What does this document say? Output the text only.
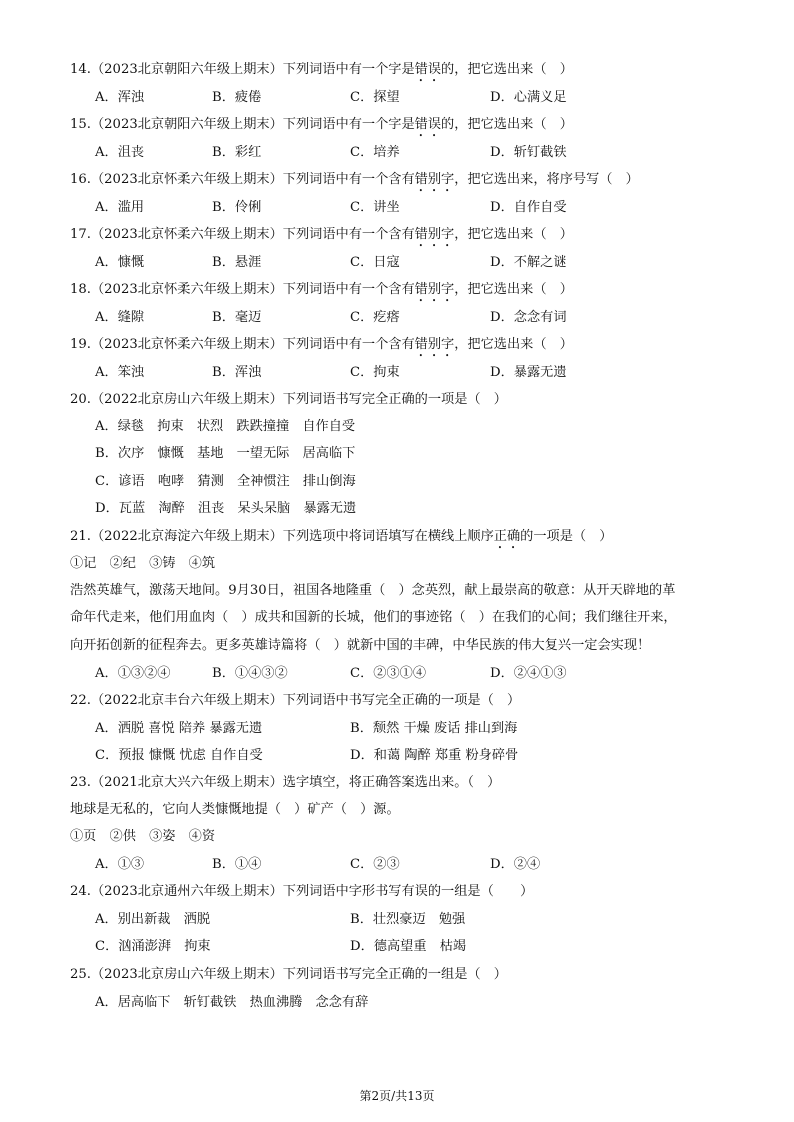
14.（2023北京朝阳六年级上期末）下列词语中有一个字是错误的，把它选出来（　）
A．浑浊	B．疲倦	C．探望	D．心满义足
15.（2023北京朝阳六年级上期末）下列词语中有一个字是错误的，把它选出来（　）
A．沮丧	B．彩红	C．培养	D．斩钉截铁
16.（2023北京怀柔六年级上期末）下列词语中有一个含有错别字，把它选出来，将序号写（　）
A．滥用	B．伶俐	C．讲坐	D．自作自受
17.（2023北京怀柔六年级上期末）下列词语中有一个含有错别字，把它选出来（　）
A．慷慨	B．悬涯	C．日寇	D．不解之谜
18.（2023北京怀柔六年级上期末）下列词语中有一个含有错别字，把它选出来（　）
A．缝隙	B．毫迈	C．疙瘩	D．念念有词
19.（2023北京怀柔六年级上期末）下列词语中有一个含有错别字，把它选出来（　）
A．笨浊	B．浑浊	C．拘束	D．暴露无遗
20.（2022北京房山六年级上期末）下列词语书写完全正确的一项是（　）
A．绿毯　拘束　状烈　跌跌撞撞　自作自受
B．次序　慷慨　基地　一望无际　居高临下
C．谚语　咆哮　猜测　全神惯注　排山倒海
D．瓦蓝　淘醉　沮丧　呆头呆脑　暴露无遗
21.（2022北京海淀六年级上期末）下列选项中将词语填写在横线上顺序正确的一项是（　）
①记　②纪　③铸　④筑
浩然英雄气，激荡天地间。9月30日，祖国各地隆重（　）念英烈，献上最崇高的敬意：从开天辟地的革
命年代走来，他们用血肉（　）成共和国新的长城，他们的事迹铭（　）在我们的心间；我们继往开来，
向开拓创新的征程奔去。更多英雄诗篇将（　）就新中国的丰碑，中华民族的伟大复兴一定会实现！
A．①③②④	B．①④③②	C．②③①④	D．②④①③
22.（2022北京丰台六年级上期末）下列词语中书写完全正确的一项是（　）
A．洒脱 喜悦 陪养 暴露无遗	B．颓然 干燥 废话 排山到海
C．预报 慷慨 忧虑 自作自受	D．和蔼 陶醉 郑重 粉身碎骨
23.（2021北京大兴六年级上期末）选字填空，将正确答案选出来。（　）
地球是无私的，它向人类慷慨地提（　）矿产（　）源。
①页　②供　③姿　④资
A．①③	B．①④	C．②③	D．②④
24.（2023北京通州六年级上期末）下列词语中字形书写有误的一组是（　　）
A．别出新裁　洒脱	B．壮烈豪迈　勉强
C．汹涌澎湃　拘束	D．德高望重　枯竭
25.（2023北京房山六年级上期末）下列词语书写完全正确的一组是（　）
A．居高临下　斩钉截铁　热血沸腾　念念有辞
第2页/共13页
